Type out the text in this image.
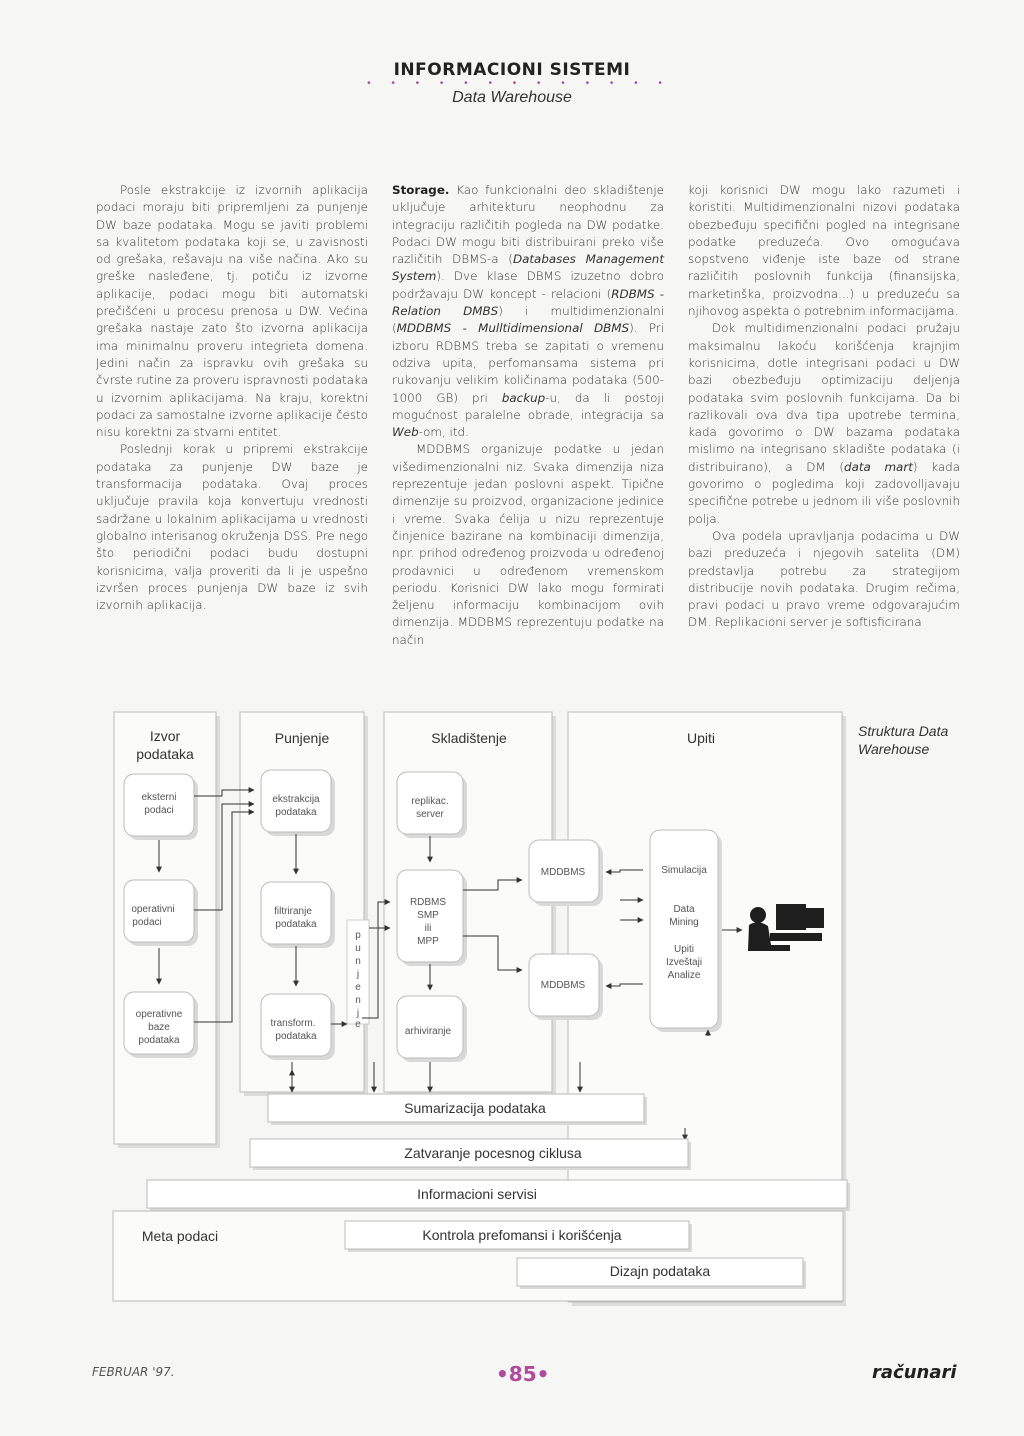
INFORMACIONI SISTEMI
• • • • • • • • • • • • •
Data Warehouse

Posle ekstrakcije iz izvornih aplikacija podaci moraju biti pripremljeni za punjenje DW baze podataka. Mogu se javiti problemi sa kvalitetom podataka koji se, u zavisnosti od grešaka, rešavaju na više načina. Ako su greške nasleđene, tj. potiču iz izvorne aplikacije, podaci mogu biti automatski prečišćeni u procesu prenosa u DW. Većina grešaka nastaje zato što izvorna aplikacija ima minimalnu proveru integrieta domena. Jedini način za ispravku ovih grešaka su čvrste rutine za proveru ispravnosti podataka u izvornim aplikacijama. Na kraju, korektni podaci za samostalne izvorne aplikacije često nisu korektni za stvarni entitet.

Poslednji korak u pripremi ekstrakcije podataka za punjenje DW baze je transformacija podataka. Ovaj proces uključuje pravila koja konvertuju vrednosti sadržane u lokalnim aplikacijama u vrednosti globalno interisanog okruženja DSS. Pre nego što periodični podaci budu dostupni korisnicima, valja proveriti da li je uspešno izvršen proces punjenja DW baze iz svih izvornih aplikacija.

Storage. Kao funkcionalni deo skladištenje uključuje arhitekturu neophodnu za integraciju različitih pogleda na DW podatke. Podaci DW mogu biti distribuirani preko više različitih DBMS-a (Databases Management System). Dve klase DBMS izuzetno dobro podržavaju DW koncept - relacioni (RDBMS -Relation DMBS) i multidimenzionalni (MDDBMS - Mulltidimensional DBMS). Pri izboru RDBMS treba se zapitati o vremenu odziva upita, perfomansama sistema pri rukovanju velikim količinama podataka (500-1000 GB) pri backup-u, da li postoji mogućnost paralelne obrade, integracija sa Web-om, itd.

MDDBMS organizuje podatke u jedan višedimenzionalni niz. Svaka dimenzija niza reprezentuje jedan poslovni aspekt. Tipične dimenzije su proizvod, organizacione jedinice i vreme. Svaka ćelija u nizu reprezentuje činjenice bazirane na kombinaciji dimenzija, npr. prihod određenog proizvoda u određenoj prodavnici u određenom vremenskom periodu. Korisnici DW lako mogu formirati željenu informaciju kombinacijom ovih dimenzija. MDDBMS reprezentuju podatke na način

koji korisnici DW mogu lako razumeti i koristiti. Multidimenzionalni nizovi podataka obezbeđuju specifični pogled na integrisane podatke preduzeća. Ovo omogućava sopstveno viđenje iste baze od strane različitih poslovnih funkcija (finansijska, marketinška, proizvodna...) u preduzeću sa njihovog aspekta o potrebnim informacijama.

Dok multidimenzionalni podaci pružaju maksimalnu lakoću korišćenja krajnjim korisnicima, dotle integrisani podaci u DW bazi obezbeđuju optimizaciju deljenja podataka svim poslovnih funkcijama. Da bi razlikovali ova dva tipa upotrebe termina, kada govorimo o DW bazama podataka mislimo na integrisano skladište podataka (i distribuirano), a DM (data mart) kada govorimo o pogledima koji zadovolljavaju specifične potrebe u jednom ili više poslovnih polja.

Ova podela upravljanja podacima u DW bazi preduzeća i njegovih satelita (DM) predstavlja potrebu za strategijom distribucije novih podataka. Drugim rečima, pravi podaci u pravo vreme odgovarajućim DM. Replikacioni server je softisficirana

Struktura Data
Warehouse
Izvor
podataka
Punjenje	Skladištenje	Upiti
eksterni
podaci
operativni
podaci
operativne
baze
podataka
ekstrakcija
podataka
filtriranje
podataka
transform.
podataka
p
u
n
j
e
n
j
e
replikac.
server
RDBMS
SMP
ili
MPP
arhiviranje
MDDBMS
MDDBMS
Simulacija
Data
Mining
Upiti
Izveštaji
Analize
Sumarizacija podataka
Zatvaranje pocesnog ciklusa
Informacioni servisi
Meta podaci	Kontrola prefomansi i korišćenja
Dizajn podataka
FEBRUAR '97.	•85•	računari
